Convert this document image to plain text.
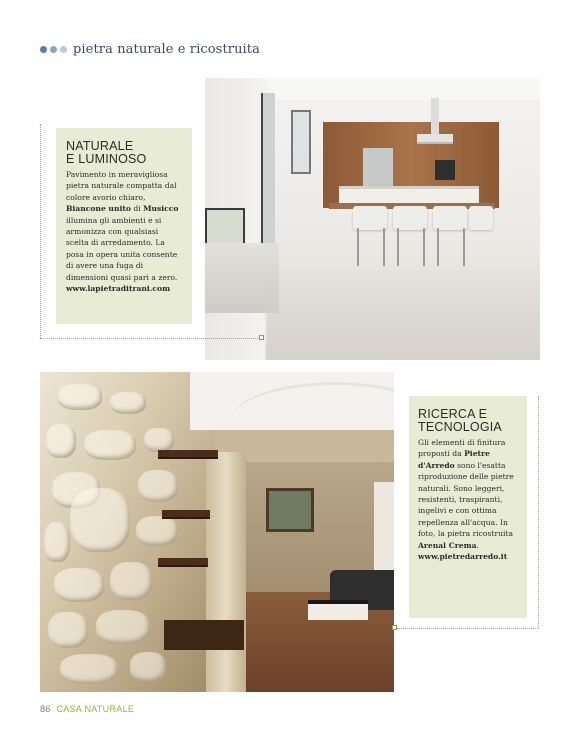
pietra naturale e ricostruita
NATURALE
E LUMINOSO

Pavimento in meravigliosa pietra naturale compatta dal colore avorio chiaro, Biancone unito di Musicco illumina gli ambienti e si armonizza con qualsiasi scelta di arredamento. La posa in opera unita consente di avere una fuga di dimensioni quasi pari a zero.
www.lapietraditrani.com

RICERCA E
TECNOLOGIA

Gli elementi di finitura proposti da Pietre d'Arredo sono l'esatta riproduzione delle pietre naturali. Sono leggeri, resistenti, traspiranti, ingelivi e con ottima repellenza all'acqua. In foto, la pietra ricostruita Arenal Crema.
www.pietredarredo.it

86 CASA NATURALE
